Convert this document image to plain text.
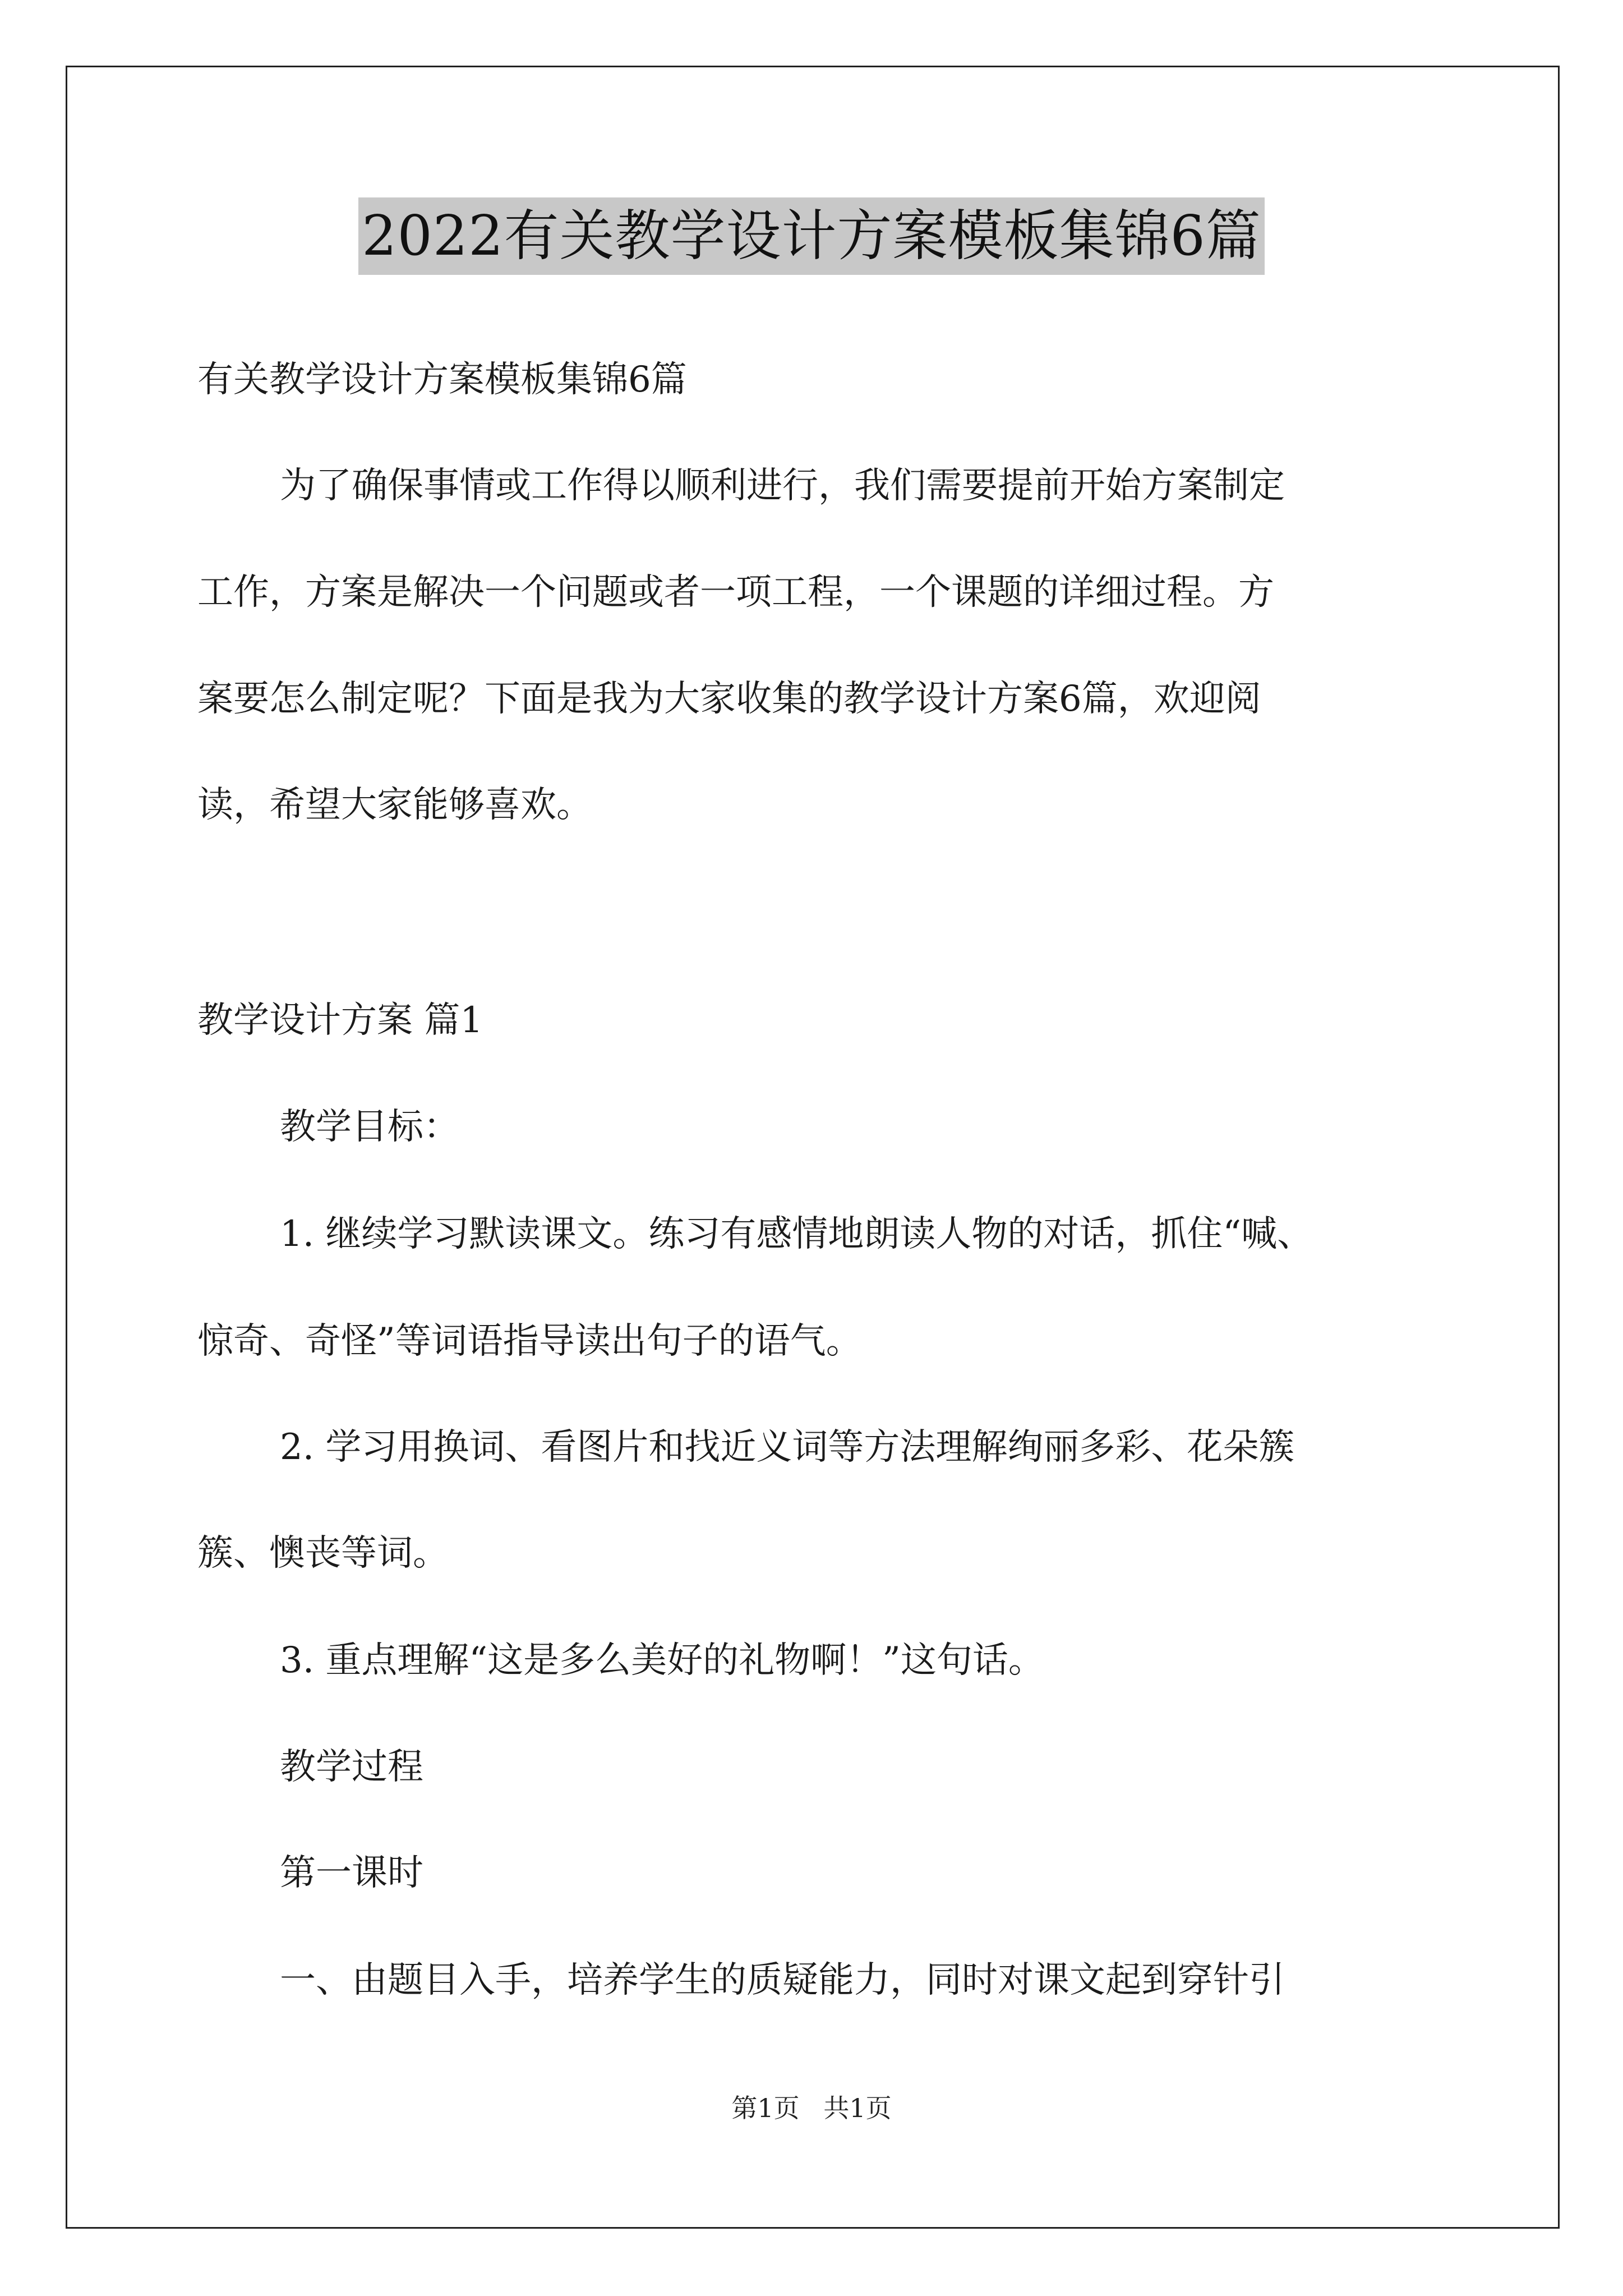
2022有关教学设计方案模板集锦6篇
有关教学设计方案模板集锦6篇
为了确保事情或工作得以顺利进行，我们需要提前开始方案制定
工作，方案是解决一个问题或者一项工程，一个课题的详细过程。方
案要怎么制定呢？下面是我为大家收集的教学设计方案6篇，欢迎阅
读，希望大家能够喜欢。
教学设计方案 篇1
教学目标：
1. 继续学习默读课文。练习有感情地朗读人物的对话，抓住“喊、
惊奇、奇怪”等词语指导读出句子的语气。
2. 学习用换词、看图片和找近义词等方法理解绚丽多彩、花朵簇
簇、懊丧等词。
3. 重点理解“这是多么美好的礼物啊！”这句话。
教学过程
第一课时
一、由题目入手，培养学生的质疑能力，同时对课文起到穿针引
第1页 共1页
